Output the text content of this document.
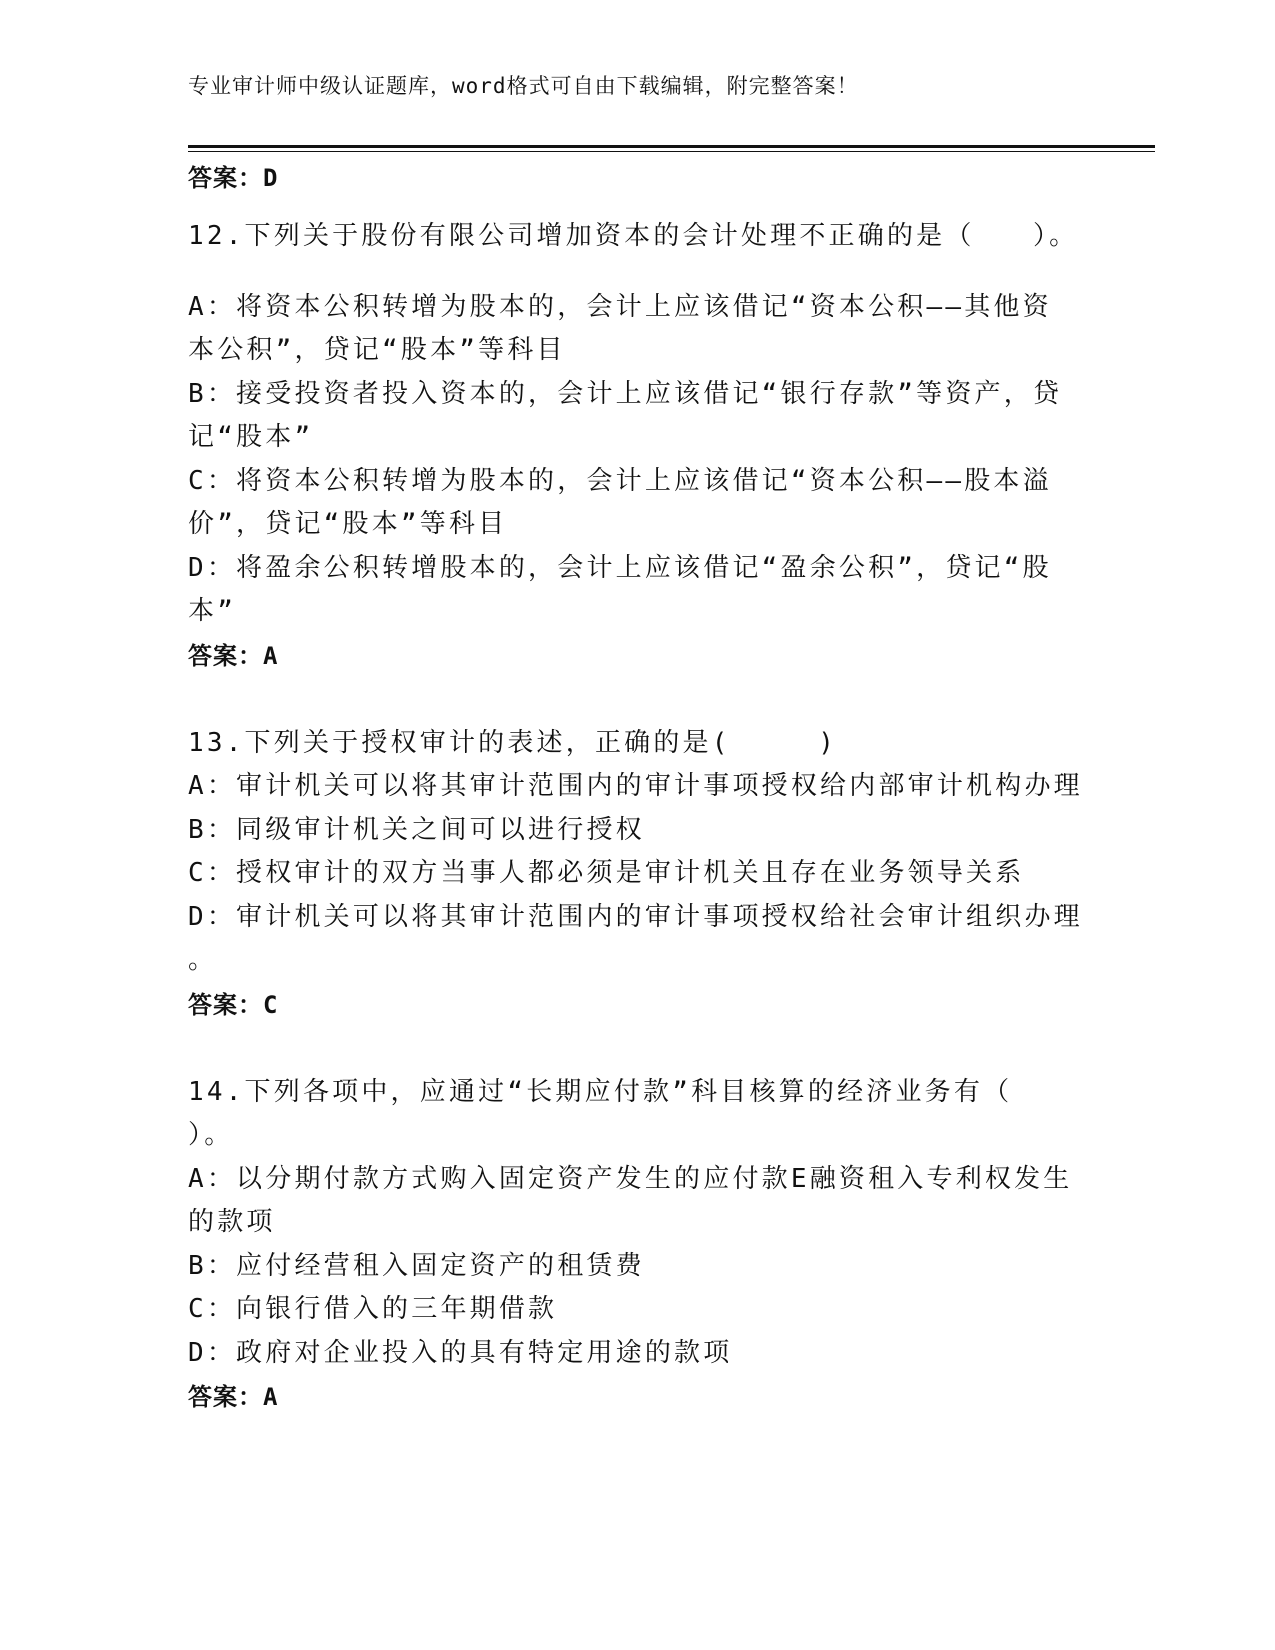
专业审计师中级认证题库，word格式可自由下载编辑，附完整答案！
答案：D
12.下列关于股份有限公司增加资本的会计处理不正确的是（　　）。
A：将资本公积转增为股本的，会计上应该借记“资本公积——其他资
本公积”，贷记“股本”等科目
B：接受投资者投入资本的，会计上应该借记“银行存款”等资产，贷
记“股本”
C：将资本公积转增为股本的，会计上应该借记“资本公积——股本溢
价”，贷记“股本”等科目
D：将盈余公积转增股本的，会计上应该借记“盈余公积”，贷记“股
本”
答案：A
13.下列关于授权审计的表述，正确的是(　　　)
A：审计机关可以将其审计范围内的审计事项授权给内部审计机构办理
B：同级审计机关之间可以进行授权
C：授权审计的双方当事人都必须是审计机关且存在业务领导关系
D：审计机关可以将其审计范围内的审计事项授权给社会审计组织办理
。
答案：C
14.下列各项中，应通过“长期应付款”科目核算的经济业务有（
）。
A：以分期付款方式购入固定资产发生的应付款E融资租入专利权发生
的款项
B：应付经营租入固定资产的租赁费
C：向银行借入的三年期借款
D：政府对企业投入的具有特定用途的款项
答案：A
